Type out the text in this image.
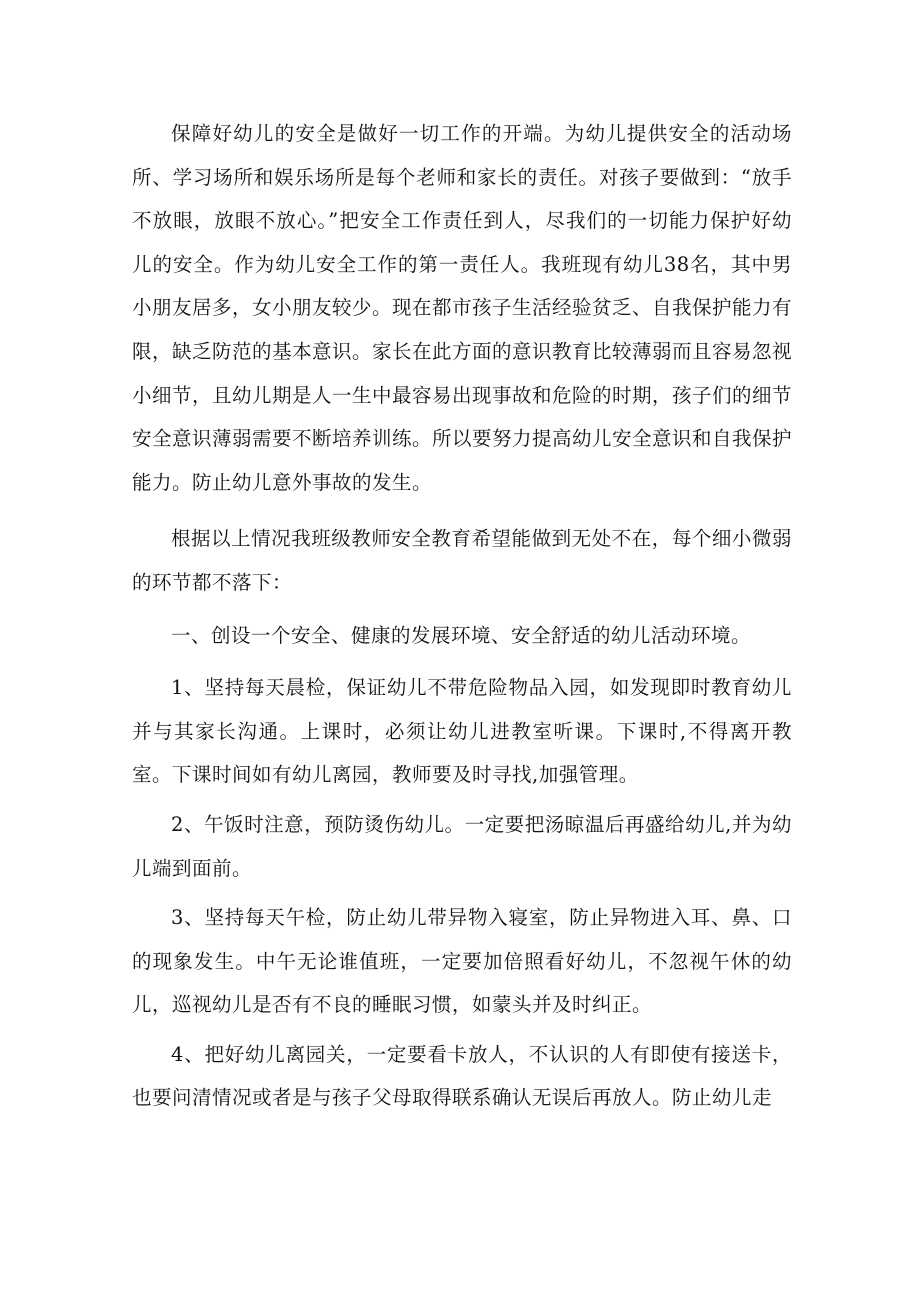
保障好幼儿的安全是做好一切工作的开端。为幼儿提供安全的活动场所、学习场所和娱乐场所是每个老师和家长的责任。对孩子要做到：“放手不放眼，放眼不放心。”把安全工作责任到人，尽我们的一切能力保护好幼儿的安全。作为幼儿安全工作的第一责任人。我班现有幼儿38名，其中男小朋友居多，女小朋友较少。现在都市孩子生活经验贫乏、自我保护能力有限，缺乏防范的基本意识。家长在此方面的意识教育比较薄弱而且容易忽视小细节，且幼儿期是人一生中最容易出现事故和危险的时期，孩子们的细节安全意识薄弱需要不断培养训练。所以要努力提高幼儿安全意识和自我保护能力。防止幼儿意外事故的发生。

根据以上情况我班级教师安全教育希望能做到无处不在，每个细小微弱的环节都不落下：

一、创设一个安全、健康的发展环境、安全舒适的幼儿活动环境。

1、坚持每天晨检，保证幼儿不带危险物品入园，如发现即时教育幼儿并与其家长沟通。上课时，必须让幼儿进教室听课。下课时,不得离开教室。下课时间如有幼儿离园，教师要及时寻找,加强管理。

2、午饭时注意，预防烫伤幼儿。一定要把汤晾温后再盛给幼儿,并为幼儿端到面前。

3、坚持每天午检，防止幼儿带异物入寝室，防止异物进入耳、鼻、口的现象发生。中午无论谁值班，一定要加倍照看好幼儿，不忽视午休的幼儿，巡视幼儿是否有不良的睡眠习惯，如蒙头并及时纠正。

4、把好幼儿离园关，一定要看卡放人，不认识的人有即使有接送卡，也要问清情况或者是与孩子父母取得联系确认无误后再放人。防止幼儿走
